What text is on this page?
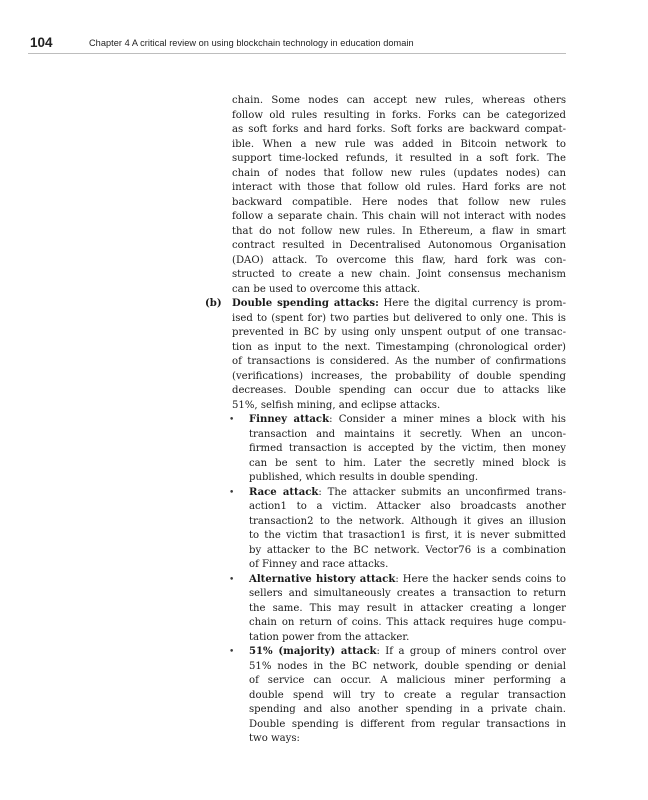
104	Chapter 4 A critical review on using blockchain technology in education domain
chain. Some nodes can accept new rules, whereas others
follow old rules resulting in forks. Forks can be categorized
as soft forks and hard forks. Soft forks are backward compat-
ible. When a new rule was added in Bitcoin network to
support time-locked refunds, it resulted in a soft fork. The
chain of nodes that follow new rules (updates nodes) can
interact with those that follow old rules. Hard forks are not
backward compatible. Here nodes that follow new rules
follow a separate chain. This chain will not interact with nodes
that do not follow new rules. In Ethereum, a flaw in smart
contract resulted in Decentralised Autonomous Organisation
(DAO) attack. To overcome this flaw, hard fork was con-
structed to create a new chain. Joint consensus mechanism
can be used to overcome this attack.
(b) Double spending attacks: Here the digital currency is prom-
ised to (spent for) two parties but delivered to only one. This is
prevented in BC by using only unspent output of one transac-
tion as input to the next. Timestamping (chronological order)
of transactions is considered. As the number of confirmations
(verifications) increases, the probability of double spending
decreases. Double spending can occur due to attacks like
51%, selfish mining, and eclipse attacks.
• Finney attack: Consider a miner mines a block with his
transaction and maintains it secretly. When an uncon-
firmed transaction is accepted by the victim, then money
can be sent to him. Later the secretly mined block is
published, which results in double spending.
• Race attack: The attacker submits an unconfirmed trans-
action1 to a victim. Attacker also broadcasts another
transaction2 to the network. Although it gives an illusion
to the victim that trasaction1 is first, it is never submitted
by attacker to the BC network. Vector76 is a combination
of Finney and race attacks.
• Alternative history attack: Here the hacker sends coins to
sellers and simultaneously creates a transaction to return
the same. This may result in attacker creating a longer
chain on return of coins. This attack requires huge compu-
tation power from the attacker.
• 51% (majority) attack: If a group of miners control over
51% nodes in the BC network, double spending or denial
of service can occur. A malicious miner performing a
double spend will try to create a regular transaction
spending and also another spending in a private chain.
Double spending is different from regular transactions in
two ways:
